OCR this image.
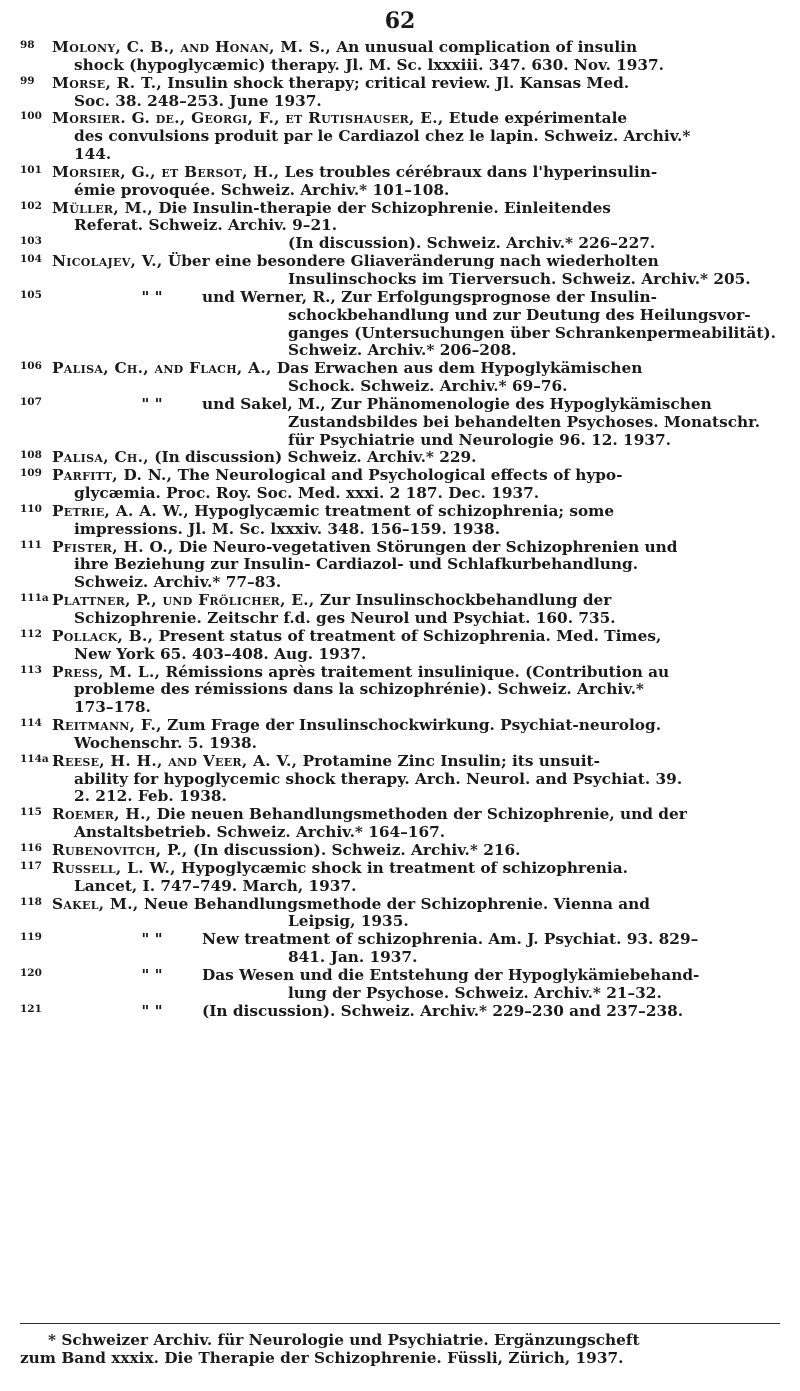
62
98 Molony, C. B., and Honan, M. S., An unusual complication of insulin
shock (hypoglycæmic) therapy. Jl. M. Sc. lxxxiii. 347. 630. Nov. 1937.
99 Morse, R. T., Insulin shock therapy; critical review. Jl. Kansas Med.
Soc. 38. 248–253. June 1937.
100 Morsier. G. de., Georgi, F., et Rutishauser, E., Etude expérimentale
des convulsions produit par le Cardiazol chez le lapin. Schweiz. Archiv.*
144.
101 Morsier, G., et Bersot, H., Les troubles cérébraux dans l'hyperinsulin-
émie provoquée. Schweiz. Archiv.* 101–108.
102 Müller, M., Die Insulin-therapie der Schizophrenie. Einleitendes
Referat. Schweiz. Archiv. 9–21.
103	(In discussion). Schweiz. Archiv.* 226–227.
104 Nicolajev, V., Über eine besondere Gliaveränderung nach wiederholten
Insulinschocks im Tierversuch. Schweiz. Archiv.* 205.
105	" "	und Werner, R., Zur Erfolgungsprognose der Insulin-
schockbehandlung und zur Deutung des Heilungsvor-
ganges (Untersuchungen über Schrankenpermeabilität).
Schweiz. Archiv.* 206–208.
106 Palisa, Ch., and Flach, A., Das Erwachen aus dem Hypoglykämischen
Schock. Schweiz. Archiv.* 69–76.
107	" "	und Sakel, M., Zur Phänomenologie des Hypoglykämischen
Zustandsbildes bei behandelten Psychoses. Monatschr.
für Psychiatrie und Neurologie 96. 12. 1937.
108 Palisa, Ch., (In discussion) Schweiz. Archiv.* 229.
109 Parfitt, D. N., The Neurological and Psychological effects of hypo-
glycæmia. Proc. Roy. Soc. Med. xxxi. 2 187. Dec. 1937.
110 Petrie, A. A. W., Hypoglycæmic treatment of schizophrenia; some
impressions. Jl. M. Sc. lxxxiv. 348. 156–159. 1938.
111 Pfister, H. O., Die Neuro-vegetativen Störungen der Schizophrenien und
ihre Beziehung zur Insulin- Cardiazol- und Schlafkurbehandlung.
Schweiz. Archiv.* 77–83.
111a Plattner, P., und Frölicher, E., Zur Insulinschockbehandlung der
Schizophrenie. Zeitschr f.d. ges Neurol und Psychiat. 160. 735.
112 Pollack, B., Present status of treatment of Schizophrenia. Med. Times,
New York 65. 403–408. Aug. 1937.
113 Press, M. L., Rémissions après traitement insulinique. (Contribution au
probleme des rémissions dans la schizophrénie). Schweiz. Archiv.*
173–178.
114 Reitmann, F., Zum Frage der Insulinschockwirkung. Psychiat-neurolog.
Wochenschr. 5. 1938.
114a Reese, H. H., and Veer, A. V., Protamine Zinc Insulin; its unsuit-
ability for hypoglycemic shock therapy. Arch. Neurol. and Psychiat. 39.
2. 212. Feb. 1938.
115 Roemer, H., Die neuen Behandlungsmethoden der Schizophrenie, und der
Anstaltsbetrieb. Schweiz. Archiv.* 164–167.
116 Rubenovitch, P., (In discussion). Schweiz. Archiv.* 216.
117 Russell, L. W., Hypoglycæmic shock in treatment of schizophrenia.
Lancet, I. 747–749. March, 1937.
118 Sakel, M., Neue Behandlungsmethode der Schizophrenie. Vienna and
Leipsig, 1935.
119	" "	New treatment of schizophrenia. Am. J. Psychiat. 93. 829–
841. Jan. 1937.
120	" "	Das Wesen und die Entstehung der Hypoglykämiebehand-
lung der Psychose. Schweiz. Archiv.* 21–32.
121	" "	(In discussion). Schweiz. Archiv.* 229–230 and 237–238.
* Schweizer Archiv. für Neurologie und Psychiatrie. Ergänzungscheft
zum Band xxxix. Die Therapie der Schizophrenie. Füssli, Zürich, 1937.
